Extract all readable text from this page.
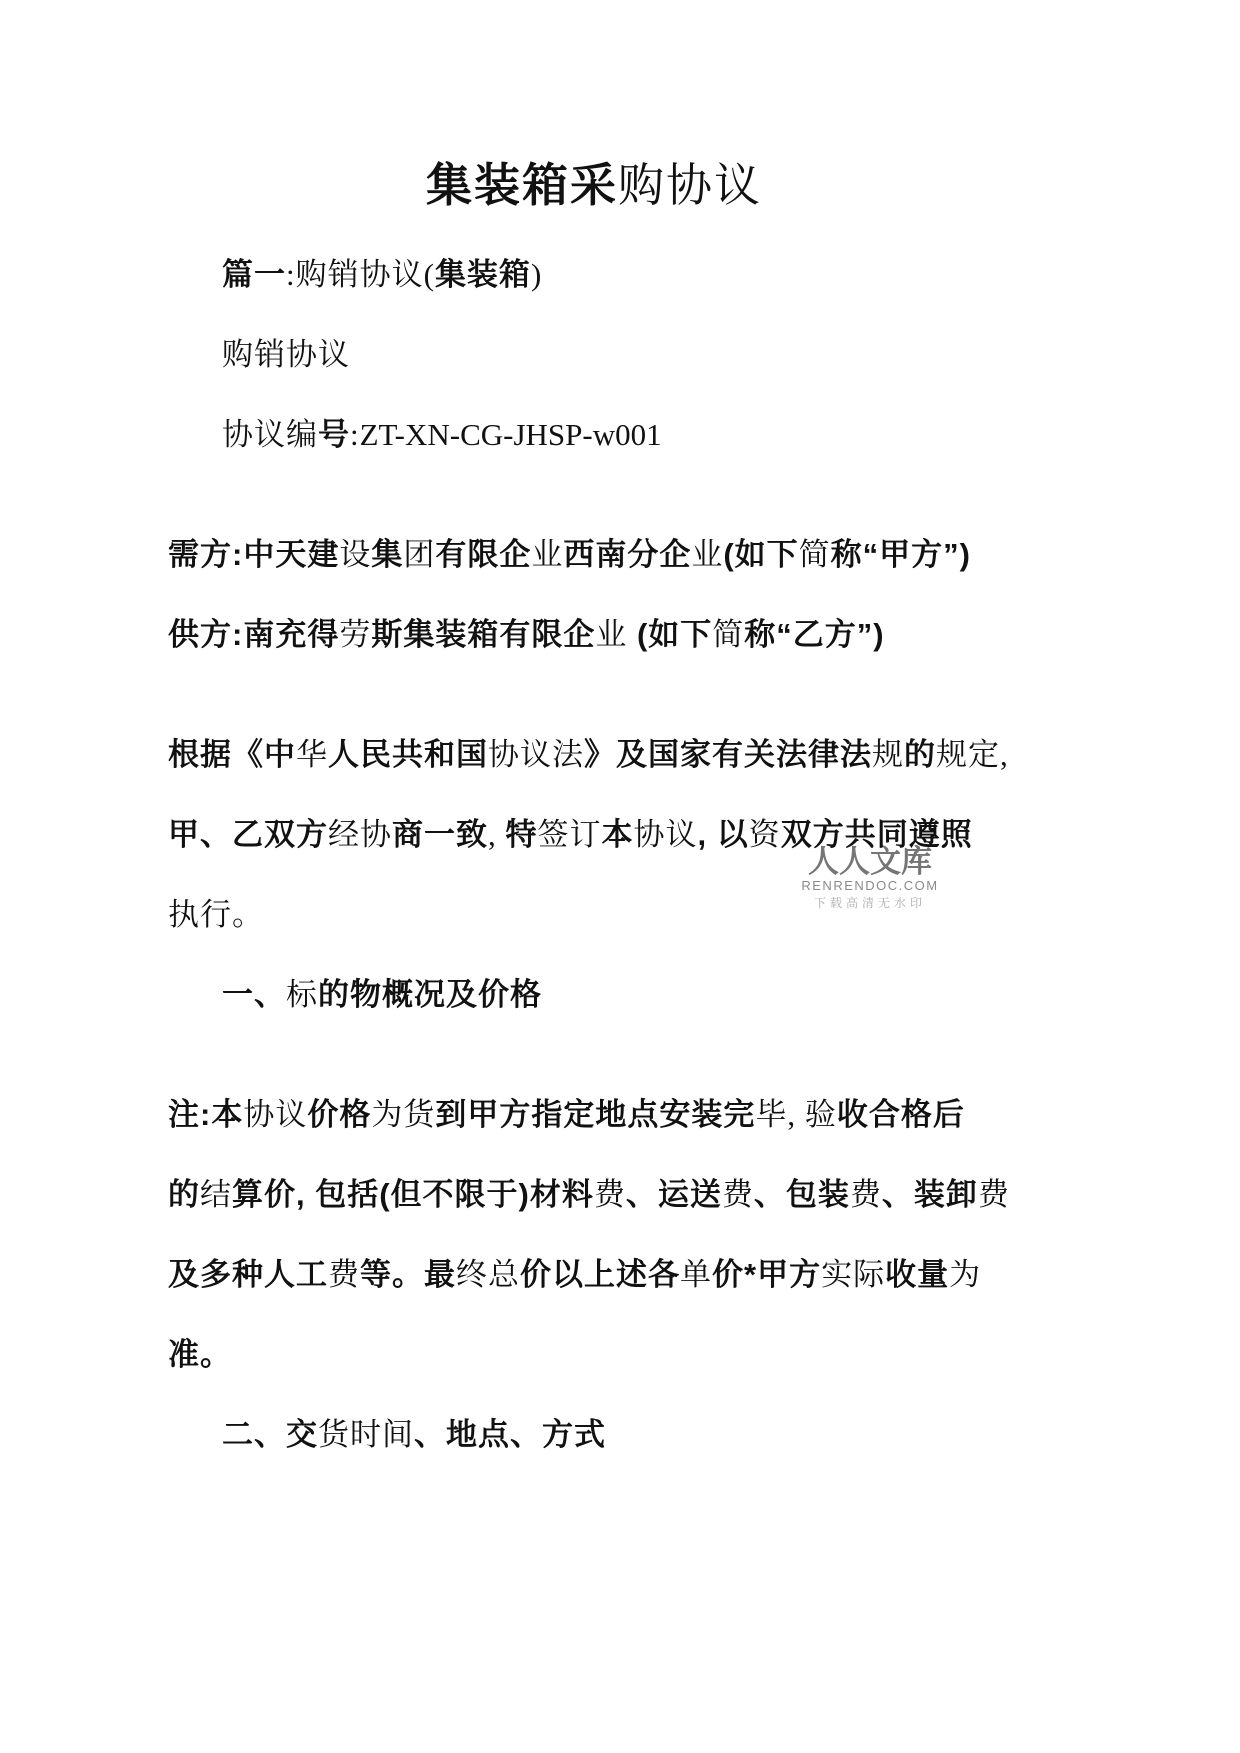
集装箱采购协议
篇一:购销协议(集装箱)
购销协议
协议编号:ZT-XN-CG-JHSP-w001
需方:中天建设集团有限企业西南分企业(如下简称“甲方”)
供方:南充得劳斯集装箱有限企业 (如下简称“乙方”)
根据《中华人民共和国协议法》及国家有关法律法规的规定,
甲、乙双方经协商一致, 特签订本协议, 以资双方共同遵照
执行。
一、标的物概况及价格
注:本协议价格为货到甲方指定地点安装完毕, 验收合格后
的结算价, 包括(但不限于)材料费、运送费、包装费、装卸费
及多种人工费等。最终总价以上述各单价*甲方实际收量为
准。
二、交货时间、地点、方式
人人文库
RENRENDOC.COM
下载高清无水印
